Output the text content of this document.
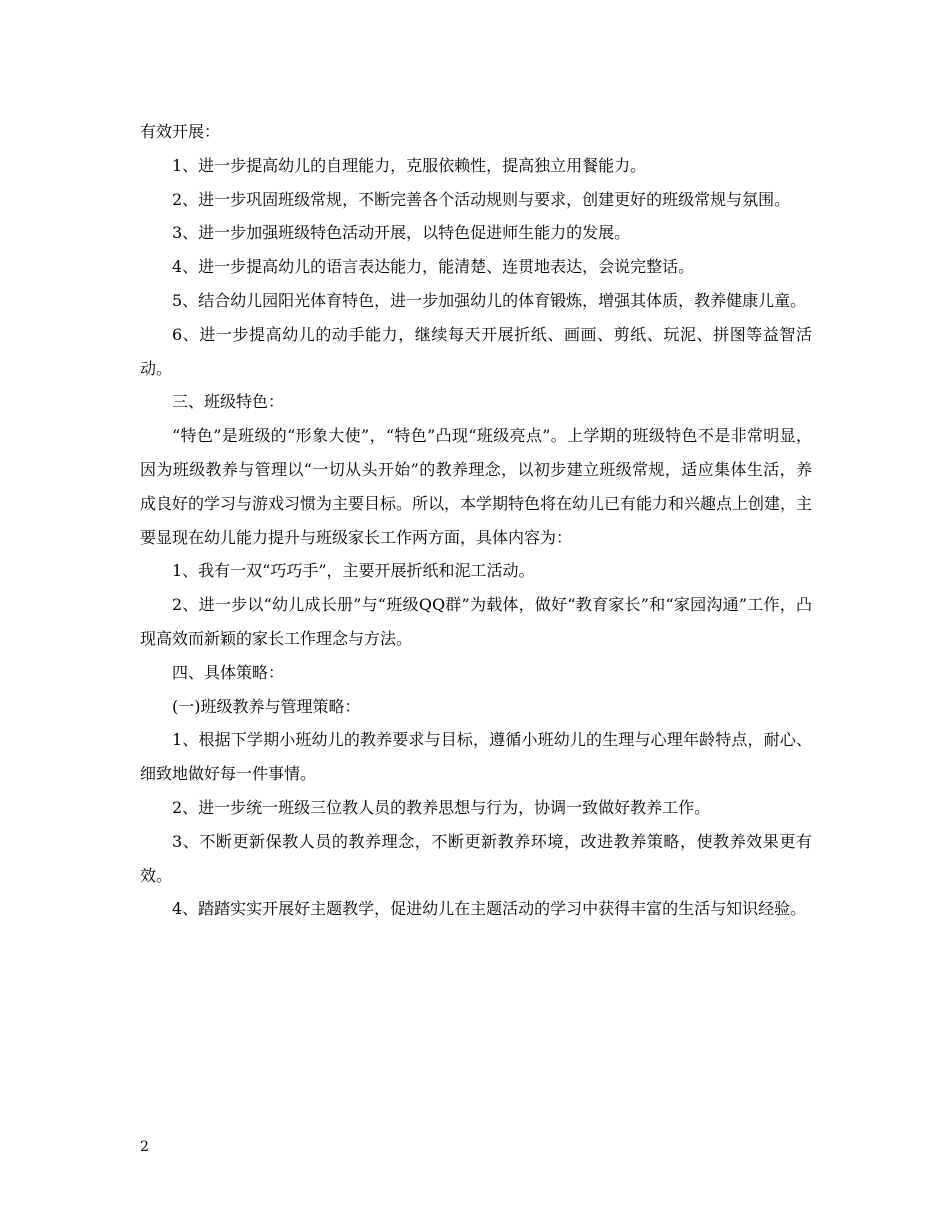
有效开展：

1、进一步提高幼儿的自理能力，克服依赖性，提高独立用餐能力。

2、进一步巩固班级常规，不断完善各个活动规则与要求，创建更好的班级常规与氛围。

3、进一步加强班级特色活动开展，以特色促进师生能力的发展。

4、进一步提高幼儿的语言表达能力，能清楚、连贯地表达，会说完整话。

5、结合幼儿园阳光体育特色，进一步加强幼儿的体育锻炼，增强其体质，教养健康儿童。

6、进一步提高幼儿的动手能力，继续每天开展折纸、画画、剪纸、玩泥、拼图等益智活动。

三、班级特色：

“特色”是班级的“形象大使”，“特色”凸现“班级亮点”。上学期的班级特色不是非常明显，因为班级教养与管理以“一切从头开始”的教养理念，以初步建立班级常规，适应集体生活，养成良好的学习与游戏习惯为主要目标。所以，本学期特色将在幼儿已有能力和兴趣点上创建，主要显现在幼儿能力提升与班级家长工作两方面，具体内容为：

1、我有一双“巧巧手”，主要开展折纸和泥工活动。

2、进一步以“幼儿成长册”与“班级QQ群”为载体，做好“教育家长”和“家园沟通”工作，凸现高效而新颖的家长工作理念与方法。

四、具体策略：

(一)班级教养与管理策略：

1、根据下学期小班幼儿的教养要求与目标，遵循小班幼儿的生理与心理年龄特点，耐心、细致地做好每一件事情。

2、进一步统一班级三位教人员的教养思想与行为，协调一致做好教养工作。

3、不断更新保教人员的教养理念，不断更新教养环境，改进教养策略，使教养效果更有效。

4、踏踏实实开展好主题教学，促进幼儿在主题活动的学习中获得丰富的生活与知识经验。

2
